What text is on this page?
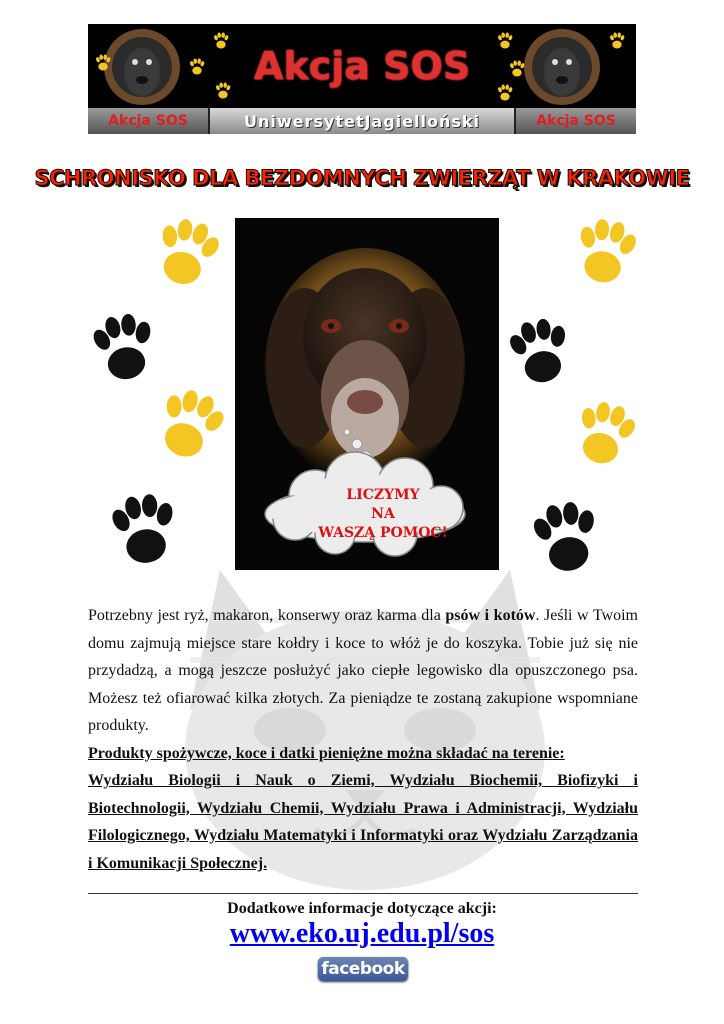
Akcja SOS
Akcja SOS	UniwersytetJagielloński	Akcja SOS
SCHRONISKO DLA BEZDOMNYCH ZWIERZĄT W KRAKOWIE
LICZYMY
NA
WASZĄ POMOC!

Potrzebny jest ryż, makaron, konserwy oraz karma dla psów i kotów. Jeśli w Twoim domu zajmują miejsce stare kołdry i koce to włóż je do koszyka. Tobie już się nie przydadzą, a mogą jeszcze posłużyć jako ciepłe legowisko dla opuszczonego psa. Możesz też ofiarować kilka złotych. Za pieniądze te zostaną zakupione wspomniane produkty.

Produkty spożywcze, koce i datki pieniężne można składać na terenie:

Wydziału Biologii i Nauk o Ziemi, Wydziału Biochemii, Biofizyki i Biotechnologii, Wydziału Chemii, Wydziału Prawa i Administracji, Wydziału Filologicznego, Wydziału Matematyki i Informatyki oraz Wydziału Zarządzania i Komunikacji Społecznej.

Dodatkowe informacje dotyczące akcji:
www.eko.uj.edu.pl/sos
facebook
